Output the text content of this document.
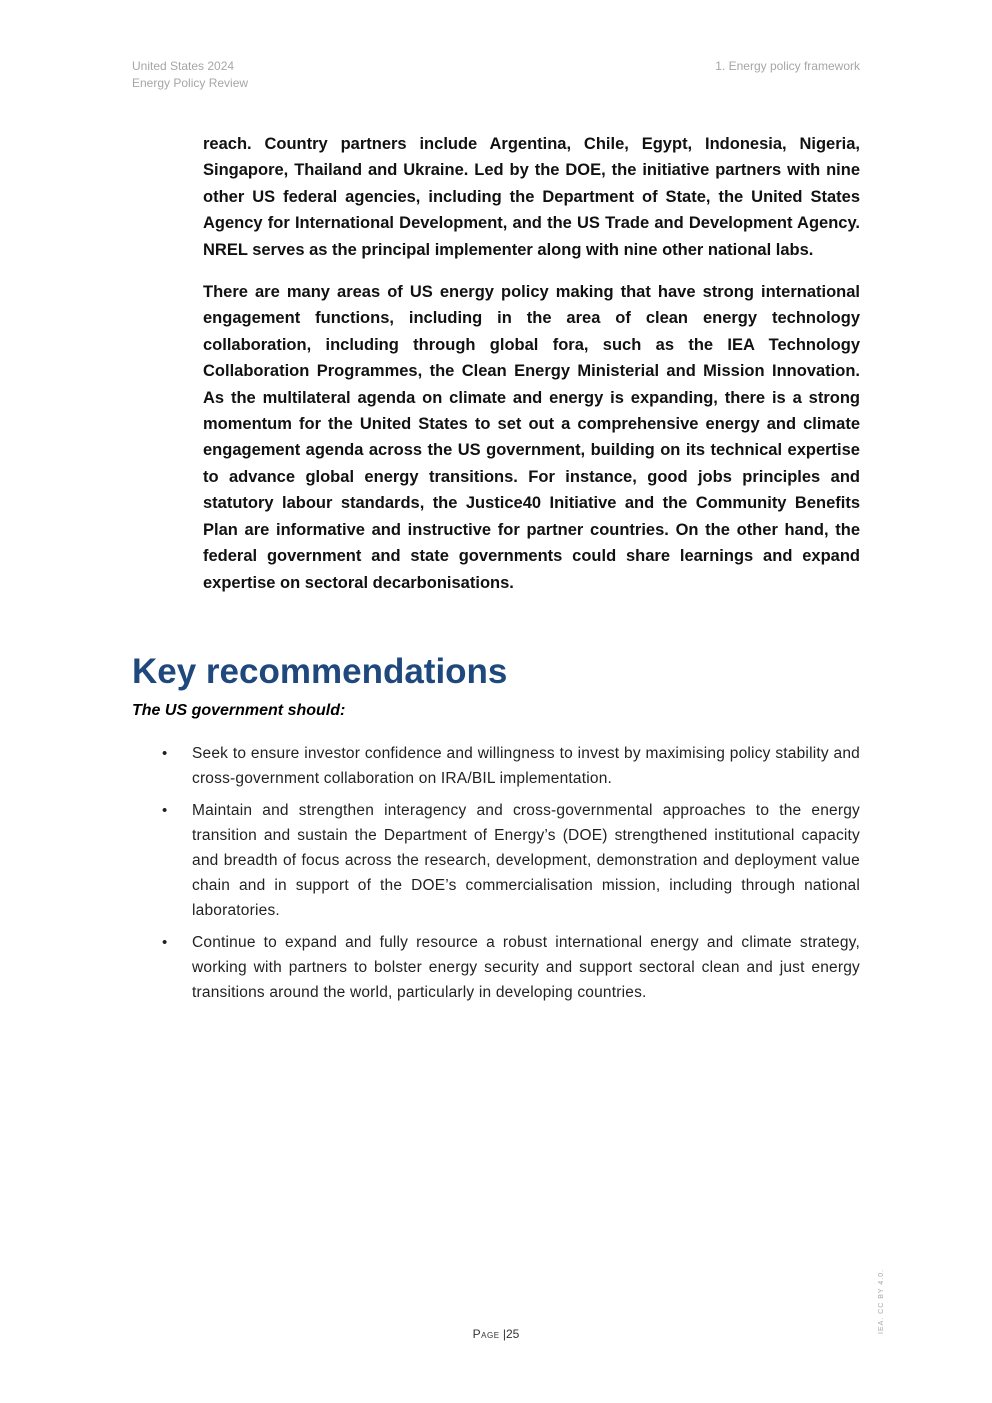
United States 2024
Energy Policy Review
1. Energy policy framework

reach. Country partners include Argentina, Chile, Egypt, Indonesia, Nigeria, Singapore, Thailand and Ukraine. Led by the DOE, the initiative partners with nine other US federal agencies, including the Department of State, the United States Agency for International Development, and the US Trade and Development Agency. NREL serves as the principal implementer along with nine other national labs.

There are many areas of US energy policy making that have strong international engagement functions, including in the area of clean energy technology collaboration, including through global fora, such as the IEA Technology Collaboration Programmes, the Clean Energy Ministerial and Mission Innovation. As the multilateral agenda on climate and energy is expanding, there is a strong momentum for the United States to set out a comprehensive energy and climate engagement agenda across the US government, building on its technical expertise to advance global energy transitions. For instance, good jobs principles and statutory labour standards, the Justice40 Initiative and the Community Benefits Plan are informative and instructive for partner countries. On the other hand, the federal government and state governments could share learnings and expand expertise on sectoral decarbonisations.

Key recommendations

The US government should:

• Seek to ensure investor confidence and willingness to invest by maximising policy stability and cross-government collaboration on IRA/BIL implementation.
• Maintain and strengthen interagency and cross-governmental approaches to the energy transition and sustain the Department of Energy’s (DOE) strengthened institutional capacity and breadth of focus across the research, development, demonstration and deployment value chain and in support of the DOE’s commercialisation mission, including through national laboratories.
• Continue to expand and fully resource a robust international energy and climate strategy, working with partners to bolster energy security and support sectoral clean and just energy transitions around the world, particularly in developing countries.
Page |25	IEA. CC BY 4.0.
